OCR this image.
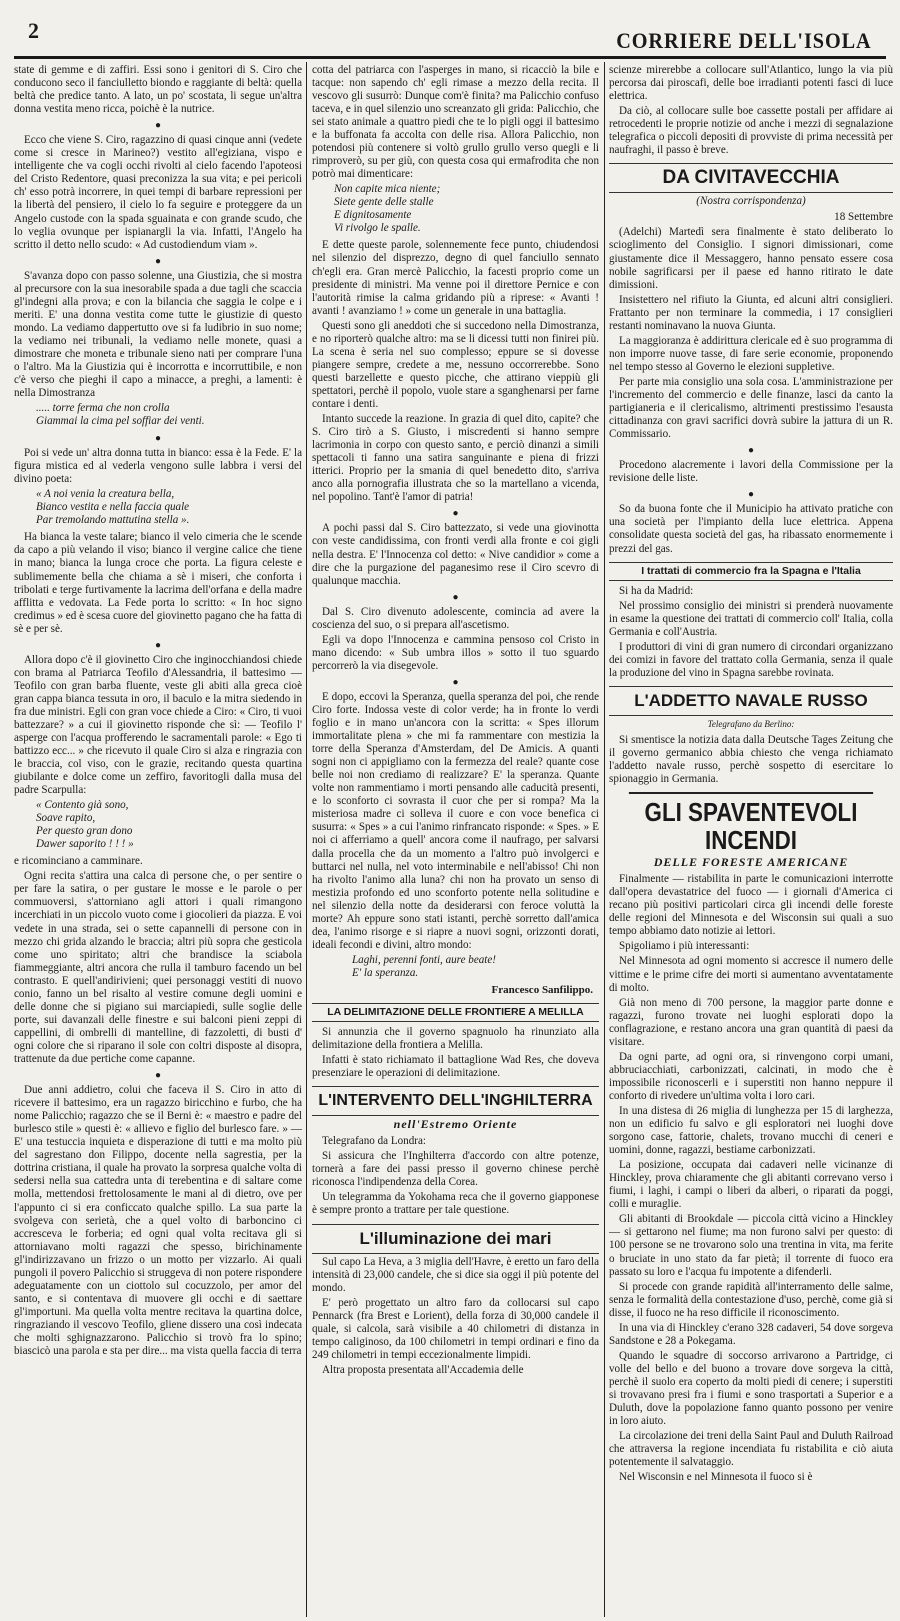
2	CORRIERE DELL'ISOLA

state di gemme e di zaffiri. Essi sono i genitori di S. Ciro che conducono seco il fanciulletto biondo e raggiante di beltà: quella beltà che predice tanto. A lato, un po' scostata, li segue un'altra donna vestita meno ricca, poichè è la nutrice.

●

Ecco che viene S. Ciro, ragazzino di quasi cinque anni (vedete come si cresce in Marineo?) vestito all'egiziana, vispo e intelligente che va cogli occhi rivolti al cielo facendo l'apoteosi del Cristo Redentore, quasi preconizza la sua vita; e pei pericoli ch' esso potrà incorrere, in quei tempi di barbare repressioni per la libertà del pensiero, il cielo lo fa seguire e proteggere da un Angelo custode con la spada sguainata e con grande scudo, che lo veglia ovunque per ispianargli la via. Infatti, l'Angelo ha scritto il detto nello scudo: « Ad custodiendum viam ».

●

S'avanza dopo con passo solenne, una Giustizia, che si mostra al precursore con la sua inesorabile spada a due tagli che scaccia gl'indegni alla prova; e con la bilancia che saggia le colpe e i meriti. E' una donna vestita come tutte le giustizie di questo mondo. La vediamo dappertutto ove si fa ludibrio in suo nome; la vediamo nei tribunali, la vediamo nelle monete, quasi a dimostrare che moneta e tribunale sieno nati per comprare l'una o l'altro. Ma la Giustizia qui è incorrotta e incorruttibile, e non c'è verso che pieghi il capo a minacce, a preghi, a lamenti: è nella Dimostranza

..... torre ferma che non crolla
Giammai la cima pel soffiar dei venti.
●

Poi si vede un' altra donna tutta in bianco: essa è la Fede. E' la figura mistica ed al vederla vengono sulle labbra i versi del divino poeta:

« A noi venia la creatura bella,
Bianco vestita e nella faccia quale
Par tremolando mattutina stella ».

Ha bianca la veste talare; bianco il velo cimeria che le scende da capo a più velando il viso; bianco il vergine calice che tiene in mano; bianca la lunga croce che porta. La figura celeste e sublimemente bella che chiama a sè i miseri, che conforta i tribolati e terge furtivamente la lacrima dell'orfana e della madre afflitta e vedovata. La Fede porta lo scritto: « In hoc signo credimus » ed è scesa cuore del giovinetto pagano che ha fatta di sè e per sè.

●

Allora dopo c'è il giovinetto Ciro che inginocchiandosi chiede con brama al Patriarca Teofilo d'Alessandria, il battesimo — Teofilo con gran barba fluente, veste gli abiti alla greca cioè gran cappa bianca tessuta in oro, il baculo e la mitra siedendo in fra due ministri. Egli con gran voce chiede a Ciro: « Ciro, ti vuoi battezzare? » a cui il giovinetto risponde che sì: — Teofilo l' asperge con l'acqua profferendo le sacramentali parole: « Ego ti battizzo ecc... » che ricevuto il quale Ciro si alza e ringrazia con le braccia, col viso, con le grazie, recitando questa quartina giubilante e dolce come un zeffiro, favoritogli dalla musa del padre Scarpulla:

« Contento già sono,
Soave rapito,
Per questo gran dono
Dawer saporito ! ! ! »

e ricominciano a camminare.

Ogni recita s'attira una calca di persone che, o per sentire o per fare la satira, o per gustare le mosse e le parole o per commuoversi, s'attorniano agli attori i quali rimangono incerchiati in un piccolo vuoto come i giocolieri da piazza. E voi vedete in una strada, sei o sette capannelli di persone con in mezzo chi grida alzando le braccia; altri più sopra che gesticola come uno spiritato; altri che brandisce la sciabola fiammeggiante, altri ancora che rulla il tamburo facendo un bel contrasto. E quell'andirivieni; quei personaggi vestiti di nuovo conio, fanno un bel risalto al vestire comune degli uomini e delle donne che si pigiano sui marciapiedi, sulle soglie delle porte, sui davanzali delle finestre e sui balconi pieni zeppi di cappellini, di ombrelli di mantelline, di fazzoletti, di busti d' ogni colore che si riparano il sole con coltri disposte al disopra, trattenute da due pertiche come capanne.

●

Due anni addietro, colui che faceva il S. Ciro in atto di ricevere il battesimo, era un ragazzo biricchino e furbo, che ha nome Palicchio; ragazzo che se il Berni è: « maestro e padre del burlesco stile » questi è: « allievo e figlio del burlesco fare. » — E' una testuccia inquieta e disperazione di tutti e ma molto più del sagrestano don Filippo, docente nella sagrestia, per la dottrina cristiana, il quale ha provato la sorpresa qualche volta di sedersi nella sua cattedra unta di terebentina e di saltare come molla, mettendosi frettolosamente le mani al di dietro, ove per l'appunto ci si era conficcato qualche spillo. La sua parte la svolgeva con serietà, che a quel volto di barboncino ci accresceva le forberia; ed ogni qual volta recitava gli si attorniavano molti ragazzi che spesso, birichinamente gl'indirizzavano un frizzo o un motto per vizzarlo. Ai quali pungoli il povero Palicchio si struggeva di non potere rispondere adeguatamente con un ciottolo sul cocuzzolo, per amor del santo, e si contentava di muovere gli occhi e di saettare gl'importuni. Ma quella volta mentre recitava la quartina dolce, ringraziando il vescovo Teofilo, gliene dissero una così indecata che molti sghignazzarono. Palicchio si trovò fra lo spino; biascicò una parola e sta per dire... ma vista quella faccia di terra

cotta del patriarca con l'asperges in mano, si ricacciò la bile e tacque: non sapendo ch' egli rimase a mezzo della recita. Il vescovo gli susurrò: Dunque com'è finita? ma Palicchio confuso taceva, e in quel silenzio uno screanzato gli grida: Palicchio, che sei stato animale a quattro piedi che te lo pigli oggi il battesimo e la buffonata fa accolta con delle risa. Allora Palicchio, non potendosi più contenere si voltò grullo grullo verso quegli e li rimproverò, su per giù, con questa cosa qui ermafrodita che non potrò mai dimenticare:

Non capite mica niente;
Siete gente delle stalle
E dignitosamente
Vi rivolgo le spalle.

E dette queste parole, solennemente fece punto, chiudendosi nel silenzio del disprezzo, degno di quel fanciullo sennato ch'egli era. Gran mercè Palicchio, la facesti proprio come un presidente di ministri. Ma venne poi il direttore Pernice e con l'autorità rimise la calma gridando più a riprese: « Avanti ! avanti ! avanziamo ! » come un generale in una battaglia.

Questi sono gli aneddoti che si succedono nella Dimostranza, e no riporterò qualche altro: ma se li dicessi tutti non finirei più. La scena è seria nel suo complesso; eppure se si dovesse piangere sempre, credete a me, nessuno occorrerebbe. Sono questi barzellette e questo picche, che attirano vieppiù gli spettatori, perchè il popolo, vuole stare a sganghenarsi per farne contare i denti.

Intanto succede la reazione. In grazia di quel dito, capite? che S. Ciro tirò a S. Giusto, i miscredenti si hanno sempre lacrimonia in corpo con questo santo, e perciò dinanzi a simili spettacoli ti fanno una satira sanguinante e piena di frizzi itterici. Proprio per la smania di quel benedetto dito, s'arriva anco alla pornografia illustrata che so la martellano a vicenda, nel popolino. Tant'è l'amor di patria!

●

A pochi passi dal S. Ciro battezzato, si vede una giovinotta con veste candidissima, con fronti verdi alla fronte e coi gigli nella destra. E' l'Innocenza col detto: « Nive candidior » come a dire che la purgazione del paganesimo rese il Ciro scevro di qualunque macchia.

●

Dal S. Ciro divenuto adolescente, comincia ad avere la coscienza del suo, o si prepara all'ascetismo.

Egli va dopo l'Innocenza e cammina pensoso col Cristo in mano dicendo: « Sub umbra illos » sotto il tuo sguardo percorrerò la via disegevole.

●

E dopo, eccovi la Speranza, quella speranza del poi, che rende Ciro forte. Indossa veste di color verde; ha in fronte lo verdi foglio e in mano un'ancora con la scritta: « Spes illorum immortalitate plena » che mi fa rammentare con mestizia la torre della Speranza d'Amsterdam, del De Amicis. A quanti sogni non ci appigliamo con la fermezza del reale? quante cose belle noi non crediamo di realizzare? E' la speranza. Quante volte non rammentiamo i morti pensando alle caducità presenti, e lo sconforto ci sovrasta il cuor che per si rompa? Ma la misteriosa madre ci solleva il cuore e con voce benefica ci susurra: « Spes » a cui l'animo rinfrancato risponde: « Spes. » E noi ci afferriamo a quell' ancora come il naufrago, per salvarsi dalla procella che da un momento a l'altro può involgerci e buttarci nel nulla, nel voto interminabile e nell'abisso! Chi non ha rivolto l'animo alla luna? chi non ha provato un senso di mestizia profondo ed uno sconforto potente nella solitudine e nel silenzio della notte da desiderarsi con feroce voluttà la morte? Ah eppure sono stati istanti, perchè sorretto dall'amica dea, l'animo risorge e si riapre a nuovi sogni, orizzonti dorati, ideali fecondi e divini, altro mondo:

Laghi, perenni fonti, aure beate!
E' la speranza.
Francesco Sanfilippo.
LA DELIMITAZIONE DELLE FRONTIERE A MELILLA

Si annunzia che il governo spagnuolo ha rinunziato alla delimitazione della frontiera a Melilla.

Infatti è stato richiamato il battaglione Wad Res, che doveva presenziare le operazioni di delimitazione.

L'INTERVENTO DELL'INGHILTERRA
nell'Estremo Oriente

Telegrafano da Londra:

Si assicura che l'Inghilterra d'accordo con altre potenze, tornerà a fare dei passi presso il governo chinese perchè riconosca l'indipendenza della Corea.

Un telegramma da Yokohama reca che il governo giapponese è sempre pronto a trattare per tale questione.

L'illuminazione dei mari

Sul capo La Heva, a 3 miglia dell'Havre, è eretto un faro della intensità di 23,000 candele, che si dice sia oggi il più potente del mondo.

E' però progettato un altro faro da collocarsi sul capo Pennarck (fra Brest e Lorient), della forza di 30,000 candele il quale, si calcola, sarà visibile a 40 chilometri di distanza in tempo caliginoso, da 100 chilometri in tempi ordinari e fino da 249 chilometri in tempi eccezionalmente limpidi.

Altra proposta presentata all'Accademia delle

scienze mirerebbe a collocare sull'Atlantico, lungo la via più percorsa dai piroscafi, delle boe irradianti potenti fasci di luce elettrica.

Da ciò, al collocare sulle boe cassette postali per affidare ai retrocedenti le proprie notizie od anche i mezzi di segnalazione telegrafica o piccoli depositi di provviste di prima necessità per naufraghi, il passo è breve.

DA CIVITAVECCHIA
(Nostra corrispondenza)

18 Settembre

(Adelchi) Martedì sera finalmente è stato deliberato lo scioglimento del Consiglio. I signori dimissionari, come giustamente dice il Messaggero, hanno pensato essere cosa nobile sagrificarsi per il paese ed hanno ritirato le date dimissioni.

Insistettero nel rifiuto la Giunta, ed alcuni altri consiglieri. Frattanto per non terminare la commedia, i 17 consiglieri restanti nominavano la nuova Giunta.

La maggioranza è addirittura clericale ed è suo programma di non imporre nuove tasse, di fare serie economie, proponendo nel tempo stesso al Governo le elezioni suppletive.

Per parte mia consiglio una sola cosa. L'amministrazione per l'incremento del commercio e delle finanze, lasci da canto la partigianeria e il clericalismo, altrimenti prestissimo l'esausta cittadinanza con gravi sacrifici dovrà subire la jattura di un R. Commissario.

●

Procedono alacremente i lavori della Commissione per la revisione delle liste.

●

So da buona fonte che il Municipio ha attivato pratiche con una società per l'impianto della luce elettrica. Appena consolidate questa società del gas, ha ribassato enormemente i prezzi del gas.

I trattati di commercio fra la Spagna e l'Italia

Si ha da Madrid:

Nel prossimo consiglio dei ministri si prenderà nuovamente in esame la questione dei trattati di commercio coll' Italia, colla Germania e coll'Austria.

I produttori di vini di gran numero di circondari organizzano dei comizi in favore del trattato colla Germania, senza il quale la produzione del vino in Spagna sarebbe rovinata.

L'ADDETTO NAVALE RUSSO
Telegrafano da Berlino:

Si smentisce la notizia data dalla Deutsche Tages Zeitung che il governo germanico abbia chiesto che venga richiamato l'addetto navale russo, perchè sospetto di esercitare lo spionaggio in Germania.

GLI SPAVENTEVOLI INCENDI
DELLE FORESTE AMERICANE

Finalmente — ristabilita in parte le comunicazioni interrotte dall'opera devastatrice del fuoco — i giornali d'America ci recano più positivi particolari circa gli incendi delle foreste delle regioni del Minnesota e del Wisconsin sui quali a suo tempo abbiamo dato notizie ai lettori.

Spigoliamo i più interessanti:

Nel Minnesota ad ogni momento si accresce il numero delle vittime e le prime cifre dei morti si aumentano avventatamente di molto.

Già non meno di 700 persone, la maggior parte donne e ragazzi, furono trovate nei luoghi esplorati dopo la conflagrazione, e restano ancora una gran quantità di paesi da visitare.

Da ogni parte, ad ogni ora, si rinvengono corpi umani, abbruciacchiati, carbonizzati, calcinati, in modo che è impossibile riconoscerli e i superstiti non hanno neppure il conforto di rivedere un'ultima volta i loro cari.

In una distesa di 26 miglia di lunghezza per 15 di larghezza, non un edificio fu salvo e gli esploratori nei luoghi dove sorgono case, fattorie, chalets, trovano mucchi di ceneri e uomini, donne, ragazzi, bestiame carbonizzati.

La posizione, occupata dai cadaveri nelle vicinanze di Hinckley, prova chiaramente che gli abitanti correvano verso i fiumi, i laghi, i campi o liberi da alberi, o riparati da poggi, colli e muraglie.

Gli abitanti di Brookdale — piccola città vicino a Hinckley — si gettarono nel fiume; ma non furono salvi per questo: di 100 persone se ne trovarono solo una trentina in vita, ma ferite o bruciate in uno stato da far pietà; il torrente di fuoco era passato su loro e l'acqua fu impotente a difenderli.

Si procede con grande rapidità all'interramento delle salme, senza le formalità della contestazione d'uso, perchè, come già si disse, il fuoco ne ha reso difficile il riconoscimento.

In una via di Hinckley c'erano 328 cadaveri, 54 dove sorgeva Sandstone e 28 a Pokegama.

Quando le squadre di soccorso arrivarono a Partridge, ci volle del bello e del buono a trovare dove sorgeva la città, perchè il suolo era coperto da molti piedi di cenere; i superstiti si trovavano presi fra i fiumi e sono trasportati a Superior e a Duluth, dove la popolazione fanno quanto possono per venire in loro aiuto.

La circolazione dei treni della Saint Paul and Duluth Railroad che attraversa la regione incendiata fu ristabilita e ciò aiuta potentemente il salvataggio.

Nel Wisconsin e nel Minnesota il fuoco si è
